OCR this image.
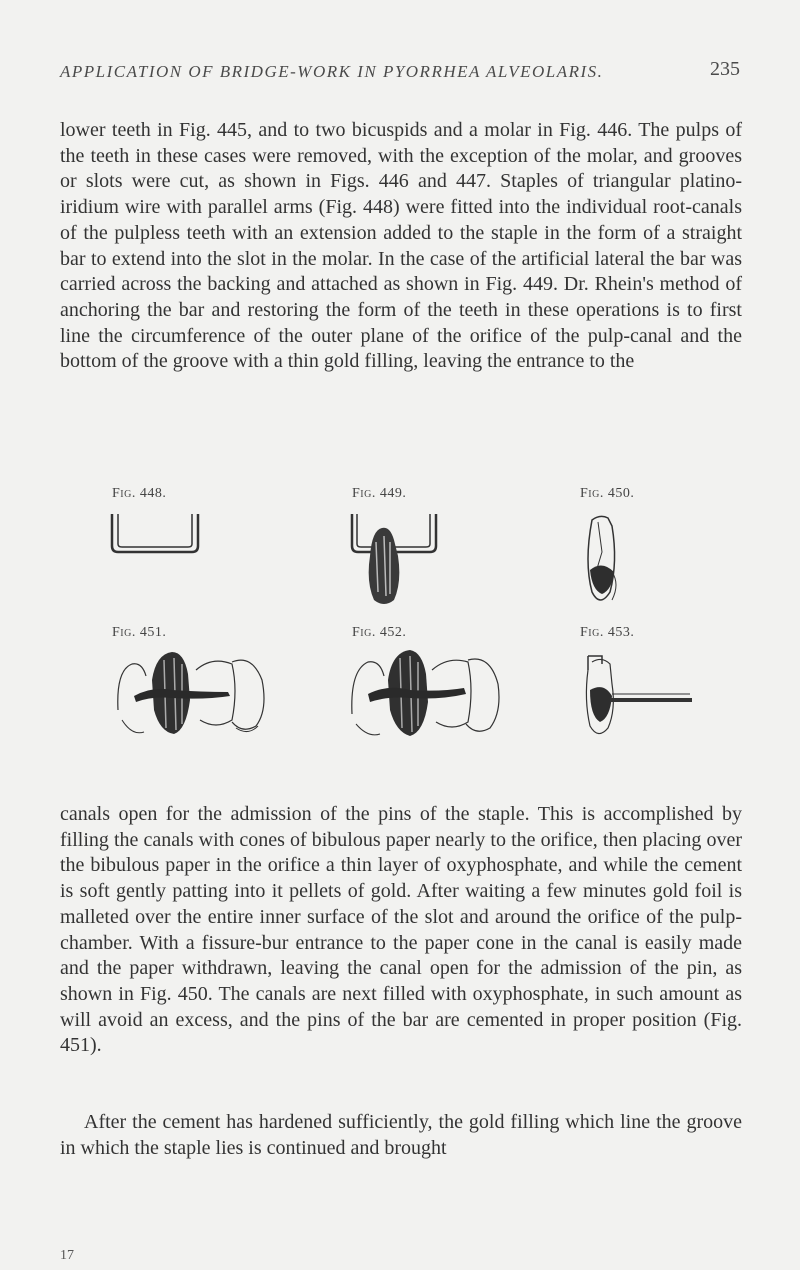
APPLICATION OF BRIDGE-WORK IN PYORRHEA ALVEOLARIS.	235

lower teeth in Fig. 445, and to two bicuspids and a molar in Fig. 446. The pulps of the teeth in these cases were removed, with the exception of the molar, and grooves or slots were cut, as shown in Figs. 446 and 447. Staples of triangular platino-iridium wire with parallel arms (Fig. 448) were fitted into the individual root-canals of the pulpless teeth with an extension added to the staple in the form of a straight bar to extend into the slot in the molar. In the case of the artificial lateral the bar was carried across the backing and attached as shown in Fig. 449. Dr. Rhein's method of anchoring the bar and restoring the form of the teeth in these operations is to first line the circumference of the outer plane of the orifice of the pulp-canal and the bottom of the groove with a thin gold filling, leaving the entrance to the

Fig. 448.	Fig. 449.	Fig. 450.
Fig. 451.	Fig. 452.	Fig. 453.

canals open for the admission of the pins of the staple. This is accomplished by filling the canals with cones of bibulous paper nearly to the orifice, then placing over the bibulous paper in the orifice a thin layer of oxyphosphate, and while the cement is soft gently patting into it pellets of gold. After waiting a few minutes gold foil is malleted over the entire inner surface of the slot and around the orifice of the pulp-chamber. With a fissure-bur entrance to the paper cone in the canal is easily made and the paper withdrawn, leaving the canal open for the admission of the pin, as shown in Fig. 450. The canals are next filled with oxyphosphate, in such amount as will avoid an excess, and the pins of the bar are cemented in proper position (Fig. 451).

After the cement has hardened sufficiently, the gold filling which line the groove in which the staple lies is continued and brought

17
